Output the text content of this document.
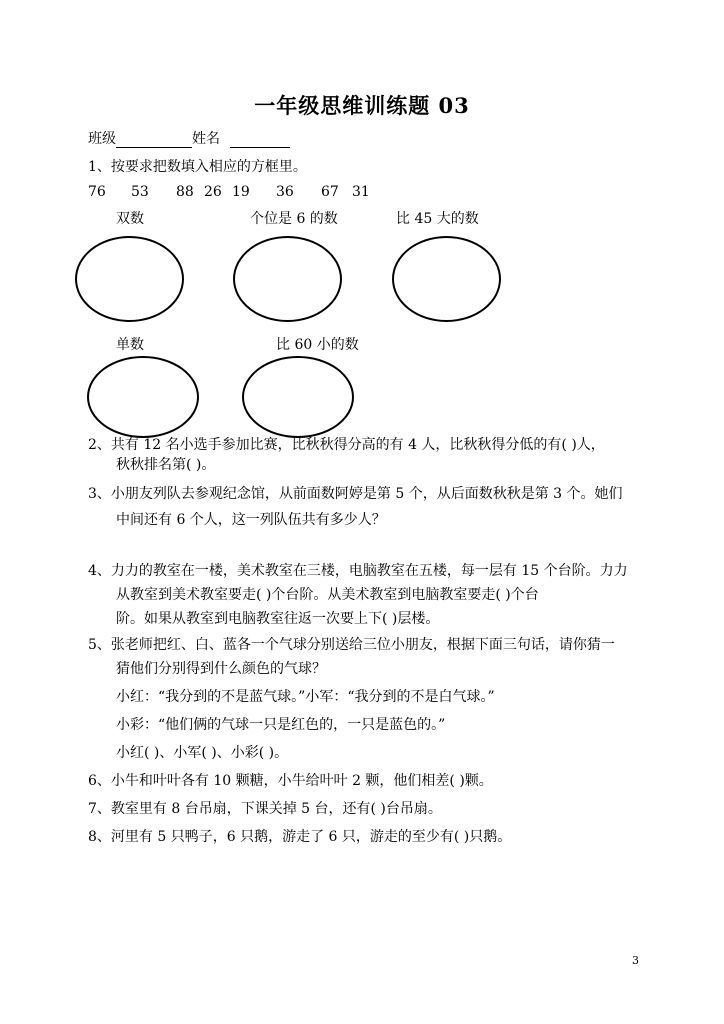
一年级思维训练题 03
班级	姓名
1、按要求把数填入相应的方框里。
76 53 88 26 19 36 67 31
双数	个位是 6 的数	比 45 大的数
单数	比 60 小的数
2、共有 12 名小选手参加比赛，比秋秋得分高的有 4 人，比秋秋得分低的有( )人，
秋秋排名第( )。
3、小朋友列队去参观纪念馆，从前面数阿婷是第 5 个，从后面数秋秋是第 3 个。她们
中间还有 6 个人，这一列队伍共有多少人？
4、力力的教室在一楼，美术教室在三楼，电脑教室在五楼，每一层有 15 个台阶。力力
从教室到美术教室要走( )个台阶。从美术教室到电脑教室要走( )个台
阶。如果从教室到电脑教室往返一次要上下( )层楼。
5、张老师把红、白、蓝各一个气球分别送给三位小朋友，根据下面三句话，请你猜一
猜他们分别得到什么颜色的气球？
小红：“我分到的不是蓝气球。”小军：“我分到的不是白气球。”
小彩：“他们俩的气球一只是红色的，一只是蓝色的。”
小红( )、小军( )、小彩( )。
6、小牛和叶叶各有 10 颗糖，小牛给叶叶 2 颗，他们相差( )颗。
7、教室里有 8 台吊扇，下课关掉 5 台，还有( )台吊扇。
8、河里有 5 只鸭子，6 只鹅，游走了 6 只，游走的至少有( )只鹅。
3
